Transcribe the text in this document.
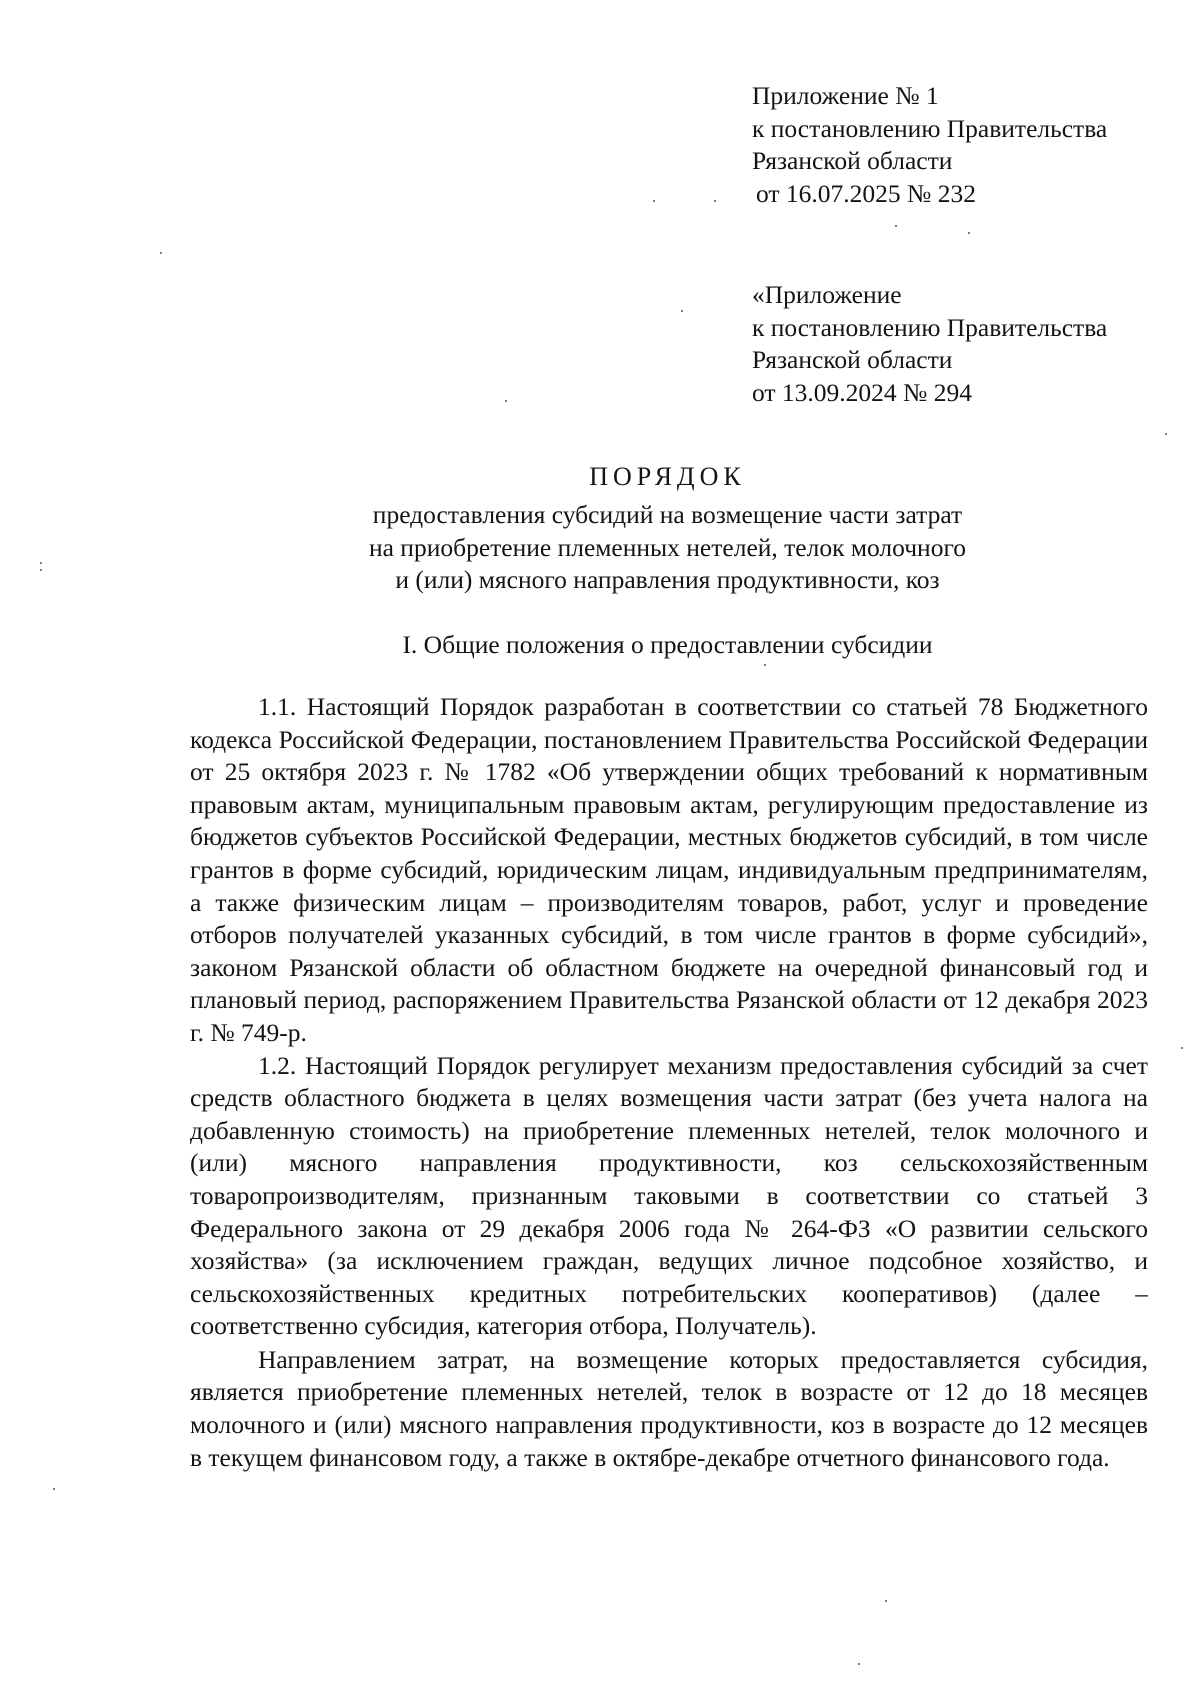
Приложение № 1
к постановлению Правительства
Рязанской области
от 16.07.2025 № 232
«Приложение
к постановлению Правительства
Рязанской области
от 13.09.2024 № 294
ПОРЯДОК
предоставления субсидий на возмещение части затрат
на приобретение племенных нетелей, телок молочного
и (или) мясного направления продуктивности, коз
I. Общие положения о предоставлении субсидии

1.1. Настоящий Порядок разработан в соответствии со статьей 78 Бюджетного кодекса Российской Федерации, постановлением Правительства Российской Федерации от 25 октября 2023 г. № 1782 «Об утверждении общих требований к нормативным правовым актам, муниципальным правовым актам, регулирующим предоставление из бюджетов субъектов Российской Федерации, местных бюджетов субсидий, в том числе грантов в форме субсидий, юридическим лицам, индивидуальным предпринимателям, а также физическим лицам – производителям товаров, работ, услуг и проведение отборов получателей указанных субсидий, в том числе грантов в форме субсидий», законом Рязанской области об областном бюджете на очередной финансовый год и плановый период, распоряжением Правительства Рязанской области от 12 декабря 2023 г. № 749-р.

1.2. Настоящий Порядок регулирует механизм предоставления субсидий за счет средств областного бюджета в целях возмещения части затрат (без учета налога на добавленную стоимость) на приобретение племенных нетелей, телок молочного и (или) мясного направления продуктивности, коз сельскохозяйственным товаропроизводителям, признанным таковыми в соответствии со статьей 3 Федерального закона от 29 декабря 2006 года № 264-ФЗ «О развитии сельского хозяйства» (за исключением граждан, ведущих личное подсобное хозяйство, и сельскохозяйственных кредитных потребительских кооперативов) (далее – соответственно субсидия, категория отбора, Получатель).

Направлением затрат, на возмещение которых предоставляется субсидия, является приобретение племенных нетелей, телок в возрасте от 12 до 18 месяцев молочного и (или) мясного направления продуктивности, коз в возрасте до 12 месяцев в текущем финансовом году, а также в октябре-декабре отчетного финансового года.
